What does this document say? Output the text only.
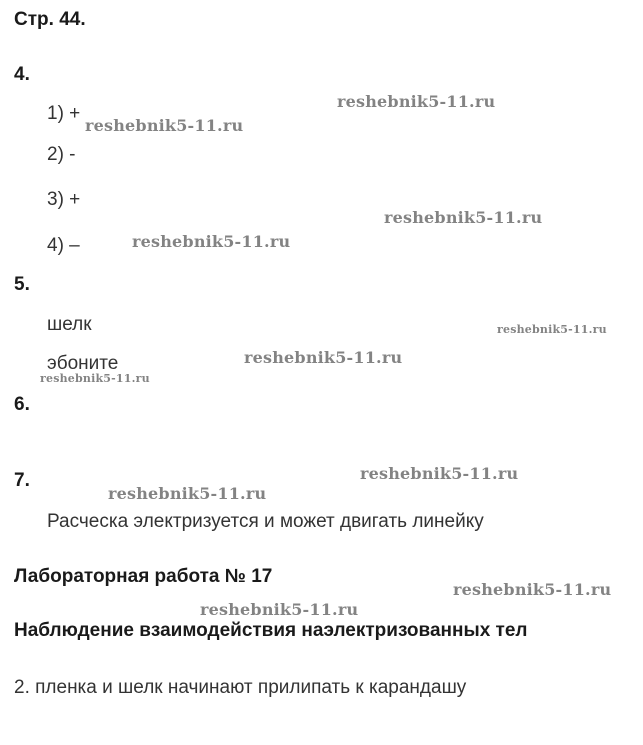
Стр. 44.
4.
1) +
2) -
3) +
4) –
5.
шелк
эбоните
6.
7.
Расческа электризуется и может двигать линейку
Лабораторная работа № 17
Наблюдение взаимодействия наэлектризованных тел
2. пленка и шелк начинают прилипать к карандашу
reshebnik5-11.ru
reshebnik5-11.ru
reshebnik5-11.ru
reshebnik5-11.ru
reshebnik5-11.ru
reshebnik5-11.ru
reshebnik5-11.ru
reshebnik5-11.ru
reshebnik5-11.ru
reshebnik5-11.ru
reshebnik5-11.ru
